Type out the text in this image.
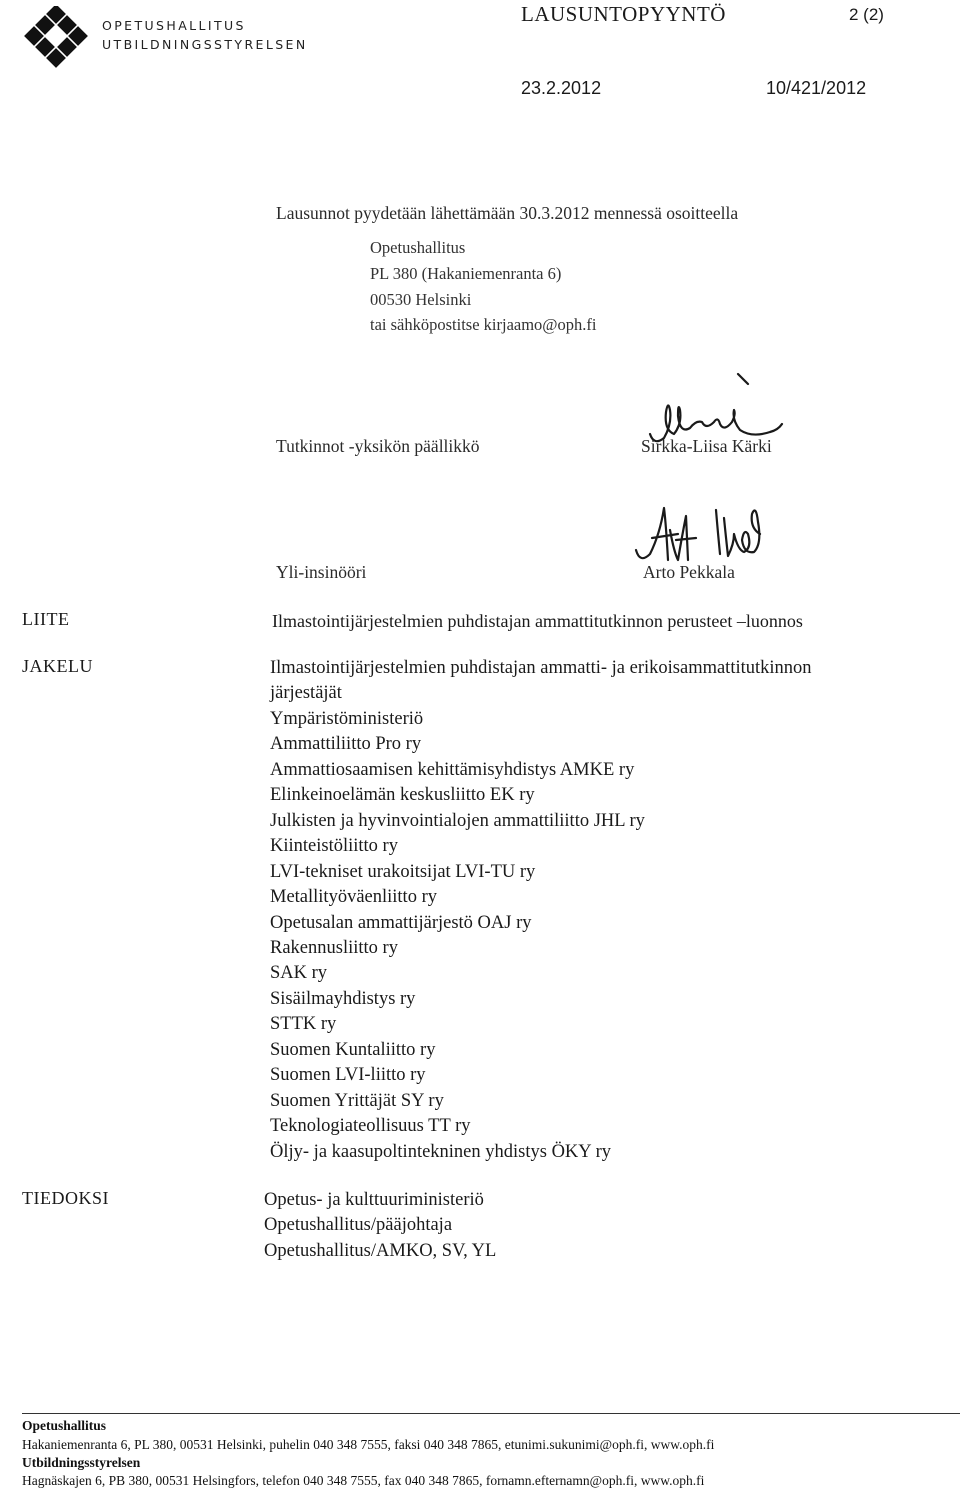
OPETUSHALLITUS
UTBILDNINGSSTYRELSEN
LAUSUNTOPYYNTÖ	2 (2)
23.2.2012	10/421/2012
Lausunnot pyydetään lähettämään 30.3.2012 mennessä osoitteella
Opetushallitus
PL 380 (Hakaniemenranta 6)
00530 Helsinki
tai sähköpostitse kirjaamo@oph.fi
Tutkinnot -yksikön päällikkö	Sirkka-Liisa Kärki
Yli-insinööri	Arto Pekkala
LIITE	Ilmastointijärjestelmien puhdistajan ammattitutkinnon perusteet –luonnos
JAKELU	Ilmastointijärjestelmien puhdistajan ammatti- ja erikoisammattitutkinnon
järjestäjät
Ympäristöministeriö
Ammattiliitto Pro ry
Ammattiosaamisen kehittämisyhdistys AMKE ry
Elinkeinoelämän keskusliitto EK ry
Julkisten ja hyvinvointialojen ammattiliitto JHL ry
Kiinteistöliitto ry
LVI-tekniset urakoitsijat LVI-TU ry
Metallityöväenliitto ry
Opetusalan ammattijärjestö OAJ ry
Rakennusliitto ry
SAK ry
Sisäilmayhdistys ry
STTK ry
Suomen Kuntaliitto ry
Suomen LVI-liitto ry
Suomen Yrittäjät SY ry
Teknologiateollisuus TT ry
Öljy- ja kaasupoltintekninen yhdistys ÖKY ry
TIEDOKSI	Opetus- ja kulttuuriministeriö
Opetushallitus/pääjohtaja
Opetushallitus/AMKO, SV, YL
Opetushallitus
Hakaniemenranta 6, PL 380, 00531 Helsinki, puhelin 040 348 7555, faksi 040 348 7865, etunimi.sukunimi@oph.fi, www.oph.fi
Utbildningsstyrelsen
Hagnäskajen 6, PB 380, 00531 Helsingfors, telefon 040 348 7555, fax 040 348 7865, fornamn.efternamn@oph.fi, www.oph.fi
